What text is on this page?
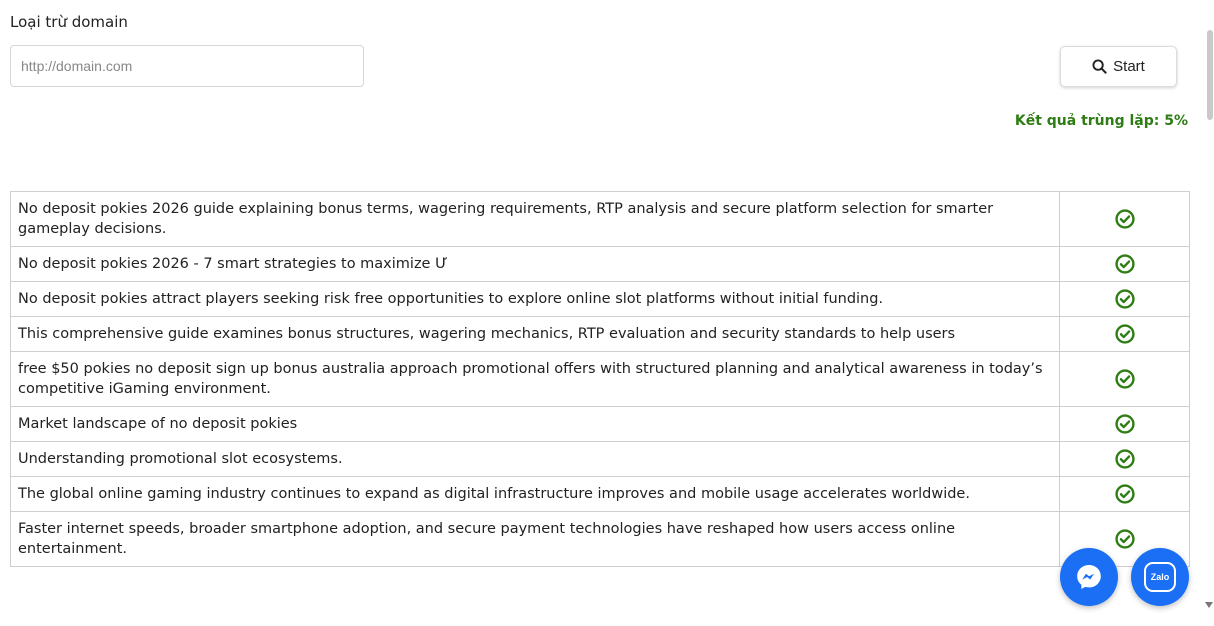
Loại trừ domain
http://domain.com
Start
Kết quả trùng lặp: 5%
No deposit pokies 2026 guide explaining bonus terms, wagering requirements, RTP analysis and secure platform selection for smarter gameplay decisions.	
No deposit pokies 2026 - 7 smart strategies to maximize Ư	
No deposit pokies attract players seeking risk free opportunities to explore online slot platforms without initial funding.	
This comprehensive guide examines bonus structures, wagering mechanics, RTP evaluation and security standards to help users	
free $50 pokies no deposit sign up bonus australia approach promotional offers with structured planning and analytical awareness in today’s competitive iGaming environment.	
Market landscape of no deposit pokies	
Understanding promotional slot ecosystems.	
The global online gaming industry continues to expand as digital infrastructure improves and mobile usage accelerates worldwide.	
Faster internet speeds, broader smartphone adoption, and secure payment technologies have reshaped how users access online entertainment.	
Zalo
